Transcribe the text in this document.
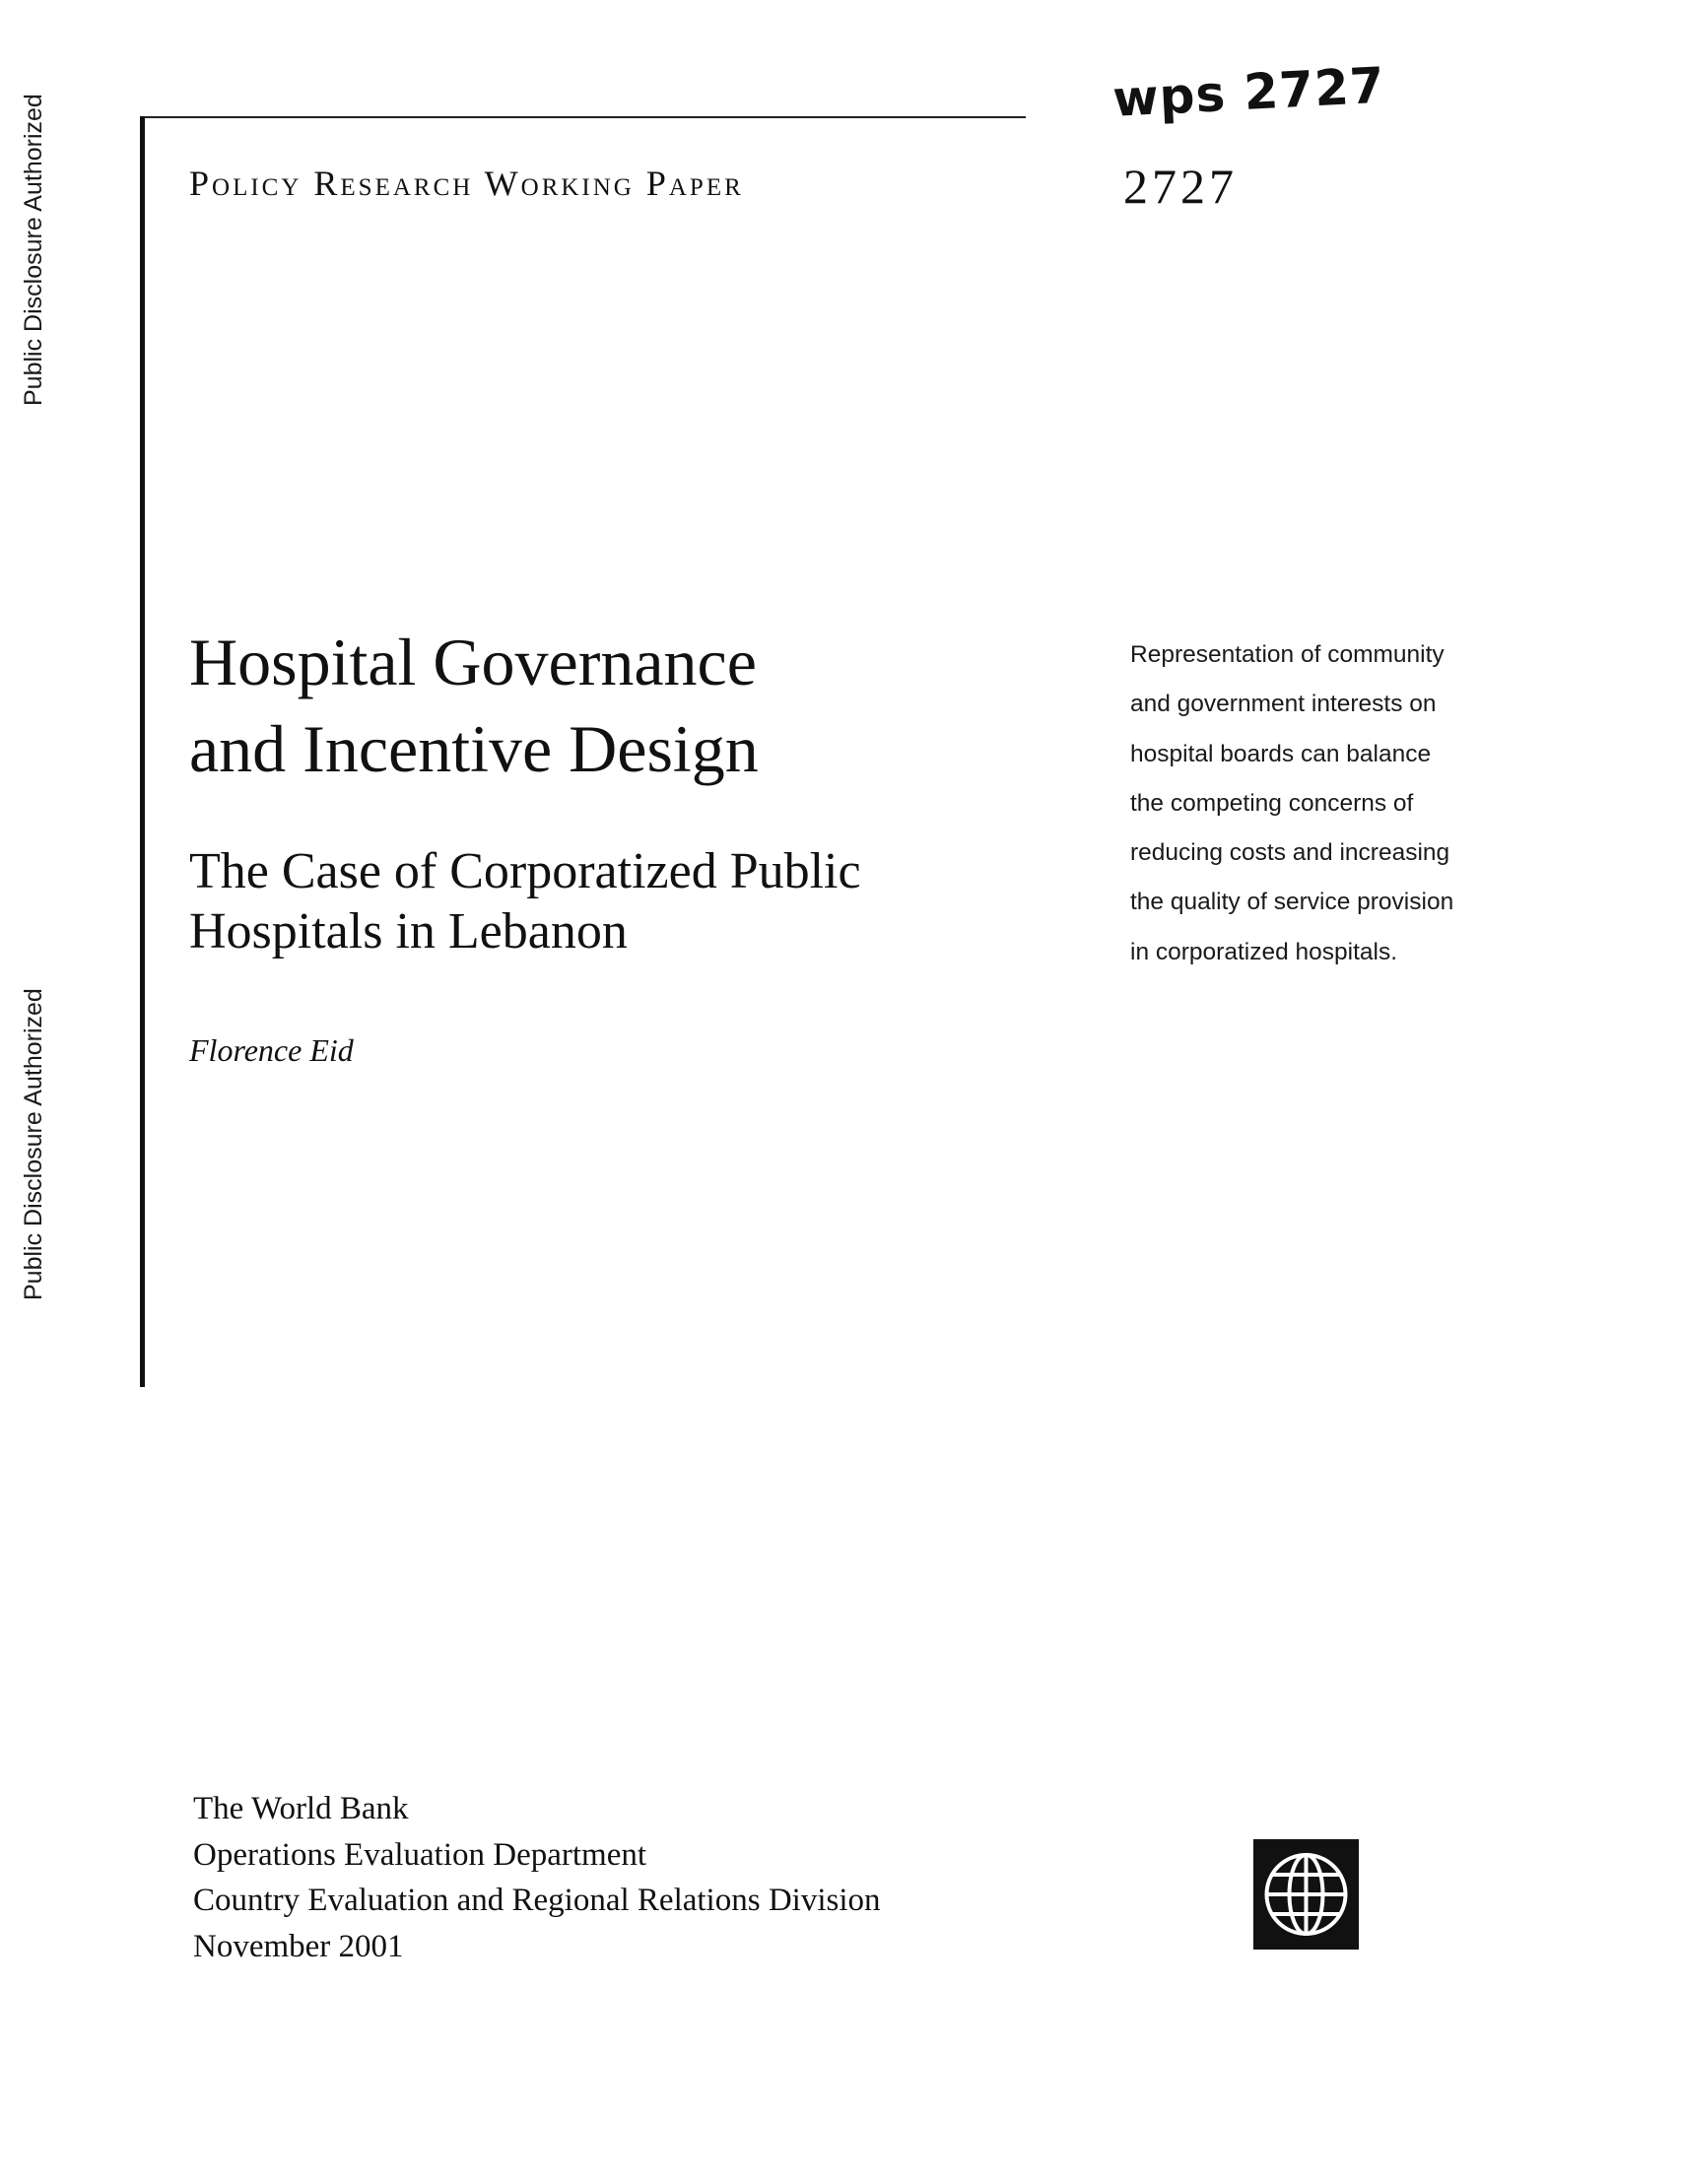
Public Disclosure Authorized
Public Disclosure Authorized
wps 2727
Policy Research Working Paper	2727
Hospital Governance
and Incentive Design
The Case of Corporatized Public
Hospitals in Lebanon
Florence Eid
Representation of community
and government interests on
hospital boards can balance
the competing concerns of
reducing costs and increasing
the quality of service provision
in corporatized hospitals.
The World Bank
Operations Evaluation Department
Country Evaluation and Regional Relations Division
November 2001
